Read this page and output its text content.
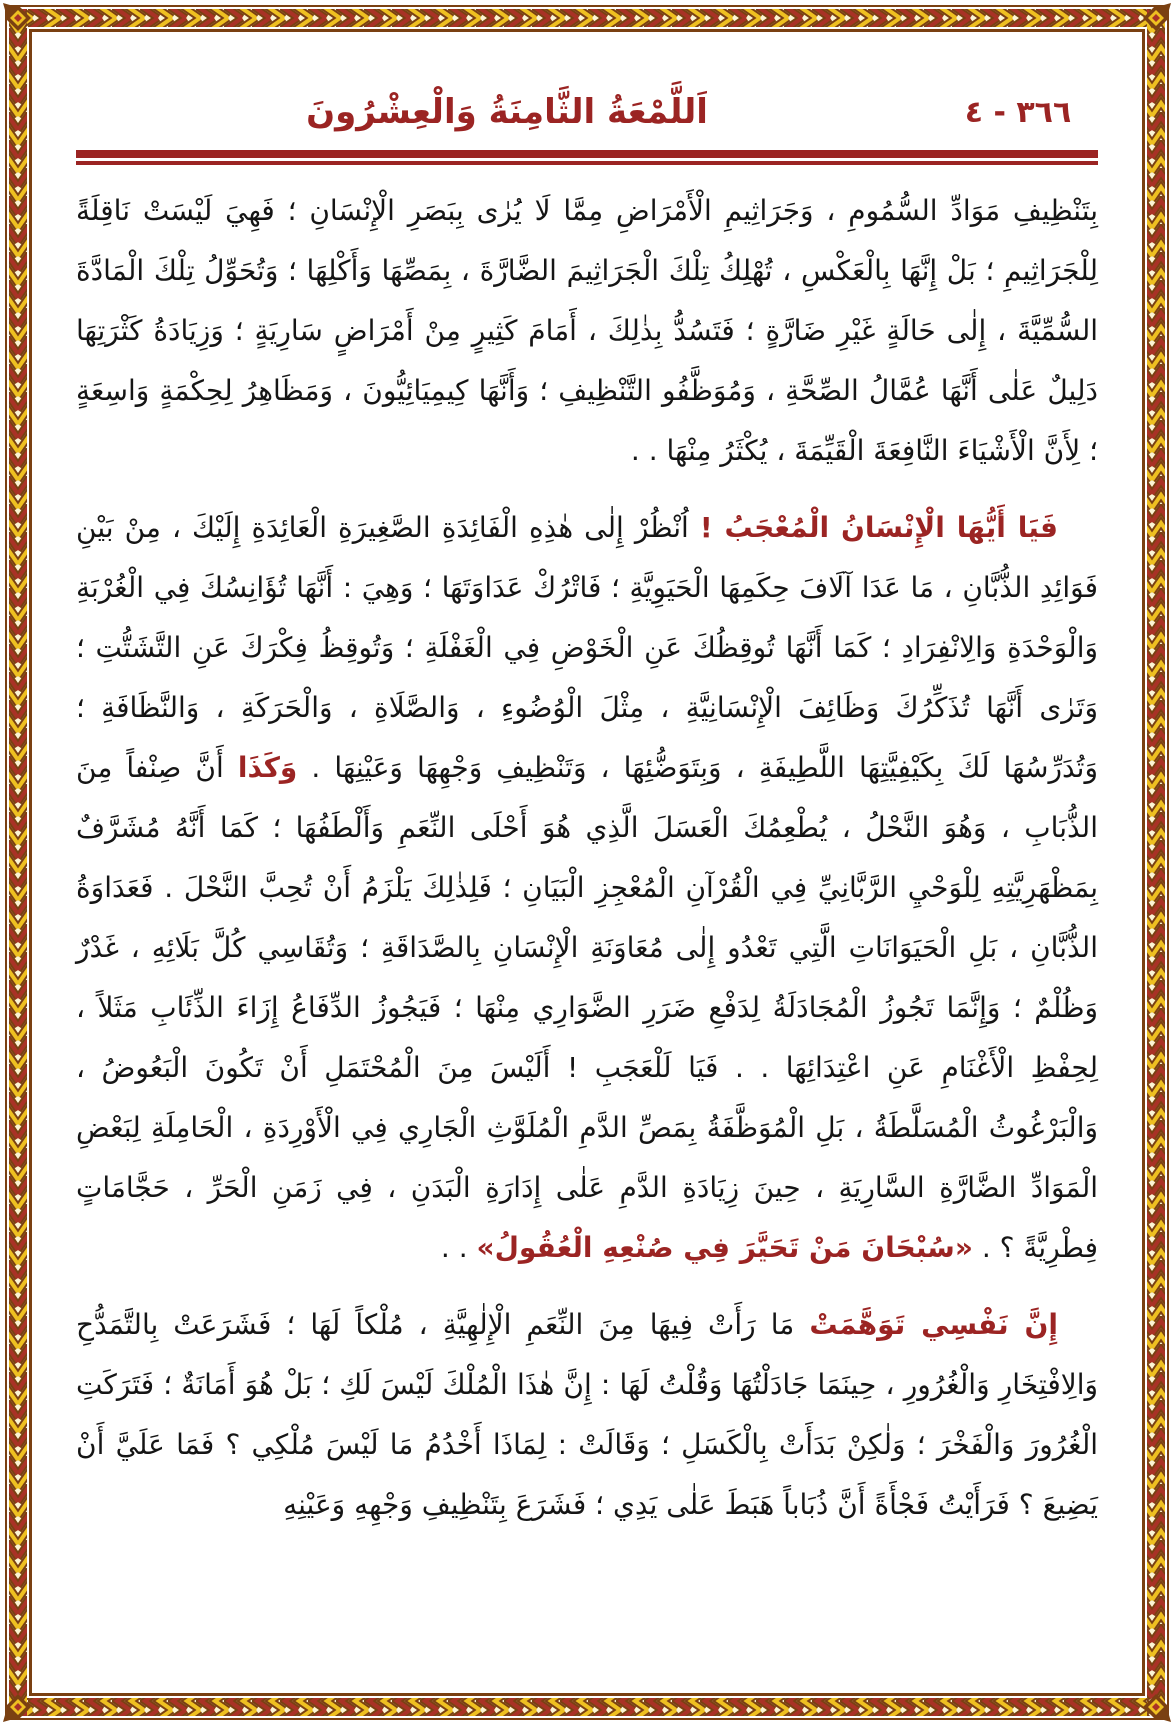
٣٦٦ - ٤
اَللَّمْعَةُ الثَّامِنَةُ وَالْعِشْرُونَ

بِتَنْظِيفِ مَوَادِّ السُّمُومِ ، وَجَرَاثِيمِ الْأَمْرَاضِ مِمَّا لَا يُرٰى بِبَصَرِ الْإِنْسَانِ ؛ فَهِيَ لَيْسَتْ نَاقِلَةً لِلْجَرَاثِيمِ ؛ بَلْ إِنَّهَا بِالْعَكْسِ ، تُهْلِكُ تِلْكَ الْجَرَاثِيمَ الضَّارَّةَ ، بِمَصِّهَا وَأَكْلِهَا ؛ وَتُحَوِّلُ تِلْكَ الْمَادَّةَ السُّمِّيَّةَ ، إِلٰى حَالَةٍ غَيْرِ ضَارَّةٍ ؛ فَتَسُدُّ بِذٰلِكَ ، أَمَامَ كَثِيرٍ مِنْ أَمْرَاضٍ سَارِيَةٍ ؛ وَزِيَادَةُ كَثْرَتِهَا دَلِيلٌ عَلٰى أَنَّهَا عُمَّالُ الصِّحَّةِ ، وَمُوَظَّفُو التَّنْظِيفِ ؛ وَأَنَّهَا كِيمِيَائِيُّونَ ، وَمَظَاهِرُ لِحِكْمَةٍ وَاسِعَةٍ ؛ لِأَنَّ الْأَشْيَاءَ النَّافِعَةَ الْقَيِّمَةَ ، يُكْثَرُ مِنْهَا . .

فَيَا أَيُّهَا الْإِنْسَانُ الْمُعْجَبُ ! اُنْظُرْ إِلٰى هٰذِهِ الْفَائِدَةِ الصَّغِيرَةِ الْعَائِدَةِ إِلَيْكَ ، مِنْ بَيْنِ فَوَائِدِ الذُّبَّانِ ، مَا عَدَا آلَافَ حِكَمِهَا الْحَيَوِيَّةِ ؛ فَاتْرُكْ عَدَاوَتَهَا ؛ وَهِيَ : أَنَّهَا تُؤَانِسُكَ فِي الْغُرْبَةِ وَالْوَحْدَةِ وَالِانْفِرَادِ ؛ كَمَا أَنَّهَا تُوقِظُكَ عَنِ الْخَوْضِ فِي الْغَفْلَةِ ؛ وَتُوقِظُ فِكْرَكَ عَنِ التَّشَتُّتِ ؛ وَتَرٰى أَنَّهَا تُذَكِّرُكَ وَظَائِفَ الْإِنْسَانِيَّةِ ، مِثْلَ الْوُضُوءِ ، وَالصَّلَاةِ ، وَالْحَرَكَةِ ، وَالنَّظَافَةِ ؛ وَتُدَرِّسُهَا لَكَ بِكَيْفِيَّتِهَا اللَّطِيفَةِ ، وَبِتَوَضُّئِهَا ، وَتَنْظِيفِ وَجْهِهَا وَعَيْنِهَا . وَكَذَا أَنَّ صِنْفاً مِنَ الذُّبَابِ ، وَهُوَ النَّحْلُ ، يُطْعِمُكَ الْعَسَلَ الَّذِي هُوَ أَحْلَى النِّعَمِ وَأَلْطَفُهَا ؛ كَمَا أَنَّهُ مُشَرَّفٌ بِمَظْهَرِيَّتِهِ لِلْوَحْيِ الرَّبَّانِيِّ فِي الْقُرْآنِ الْمُعْجِزِ الْبَيَانِ ؛ فَلِذٰلِكَ يَلْزَمُ أَنْ تُحِبَّ النَّحْلَ . فَعَدَاوَةُ الذُّبَّانِ ، بَلِ الْحَيَوَانَاتِ الَّتِي تَعْدُو إِلٰى مُعَاوَنَةِ الْإِنْسَانِ بِالصَّدَاقَةِ ؛ وَتُقَاسِي كُلَّ بَلَائِهِ ، غَدْرٌ وَظُلْمٌ ؛ وَإِنَّمَا تَجُوزُ الْمُجَادَلَةُ لِدَفْعِ ضَرَرِ الضَّوَارِي مِنْهَا ؛ فَيَجُوزُ الدِّفَاعُ إِزَاءَ الذِّئَابِ مَثَلاً ، لِحِفْظِ الْأَغْنَامِ عَنِ اعْتِدَائِهَا . . فَيَا لَلْعَجَبِ ! أَلَيْسَ مِنَ الْمُحْتَمَلِ أَنْ تَكُونَ الْبَعُوضُ ، وَالْبَرْغُوثُ الْمُسَلَّطَةُ ، بَلِ الْمُوَظَّفَةُ بِمَصِّ الدَّمِ الْمُلَوَّثِ الْجَارِي فِي الْأَوْرِدَةِ ، الْحَامِلَةِ لِبَعْضِ الْمَوَادِّ الضَّارَّةِ السَّارِيَةِ ، حِينَ زِيَادَةِ الدَّمِ عَلٰى إِدَارَةِ الْبَدَنِ ، فِي زَمَنِ الْحَرِّ ، حَجَّامَاتٍ فِطْرِيَّةً ؟ . «سُبْحَانَ مَنْ تَحَيَّرَ فِي صُنْعِهِ الْعُقُولُ» . .

إِنَّ نَفْسِي تَوَهَّمَتْ مَا رَأَتْ فِيهَا مِنَ النِّعَمِ الْإِلٰهِيَّةِ ، مُلْكاً لَهَا ؛ فَشَرَعَتْ بِالتَّمَدُّحِ وَالِافْتِخَارِ وَالْغُرُورِ ، حِينَمَا جَادَلْتُهَا وَقُلْتُ لَهَا : إِنَّ هٰذَا الْمُلْكَ لَيْسَ لَكِ ؛ بَلْ هُوَ أَمَانَةٌ ؛ فَتَرَكَتِ الْغُرُورَ وَالْفَخْرَ ؛ وَلٰكِنْ بَدَأَتْ بِالْكَسَلِ ؛ وَقَالَتْ : لِمَاذَا أَخْدُمُ مَا لَيْسَ مُلْكِي ؟ فَمَا عَلَيَّ أَنْ يَضِيعَ ؟ فَرَأَيْتُ فَجْأَةً أَنَّ ذُبَاباً هَبَطَ عَلٰى يَدِي ؛ فَشَرَعَ بِتَنْظِيفِ وَجْهِهِ وَعَيْنِهِ
